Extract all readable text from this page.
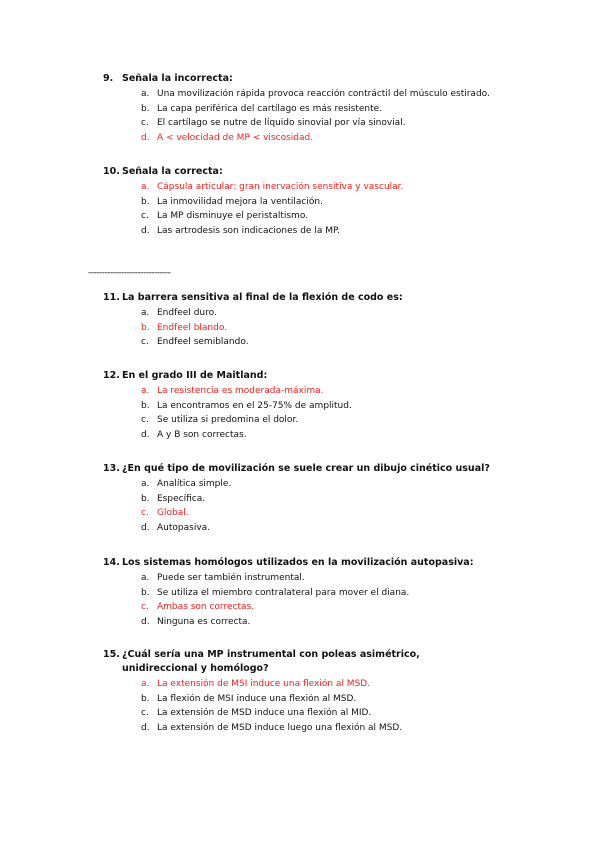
9. Señala la incorrecta:
a. Una movilización rápida provoca reacción contráctil del músculo estirado.
b. La capa periférica del cartílago es más resistente.
c. El cartílago se nutre de líquido sinovial por vía sinovial.
d. A < velocidad de MP < viscosidad.
10. Señala la correcta:
a. Cápsula articular: gran inervación sensitiva y vascular.
b. La inmovilidad mejora la ventilación.
c. La MP disminuye el peristaltismo.
d. Las artrodesis son indicaciones de la MP.
------------------------------
11. La barrera sensitiva al final de la flexión de codo es:
a. Endfeel duro.
b. Endfeel blando.
c. Endfeel semiblando.
12. En el grado III de Maitland:
a. La resistencia es moderada-máxima.
b. La encontramos en el 25-75% de amplitud.
c. Se utiliza si predomina el dolor.
d. A y B son correctas.
13. ¿En qué tipo de movilización se suele crear un dibujo cinético usual?
a. Analítica simple.
b. Específica.
c. Global.
d. Autopasiva.
14. Los sistemas homólogos utilizados en la movilización autopasiva:
a. Puede ser también instrumental.
b. Se utiliza el miembro contralateral para mover el diana.
c. Ambas son correctas.
d. Ninguna es correcta.
15. ¿Cuál sería una MP instrumental con poleas asimétrico, unidireccional y homólogo?
a. La extensión de MSI induce una flexión al MSD.
b. La flexión de MSI induce una flexión al MSD.
c. La extensión de MSD induce una flexión al MID.
d. La extensión de MSD induce luego una flexión al MSD.
